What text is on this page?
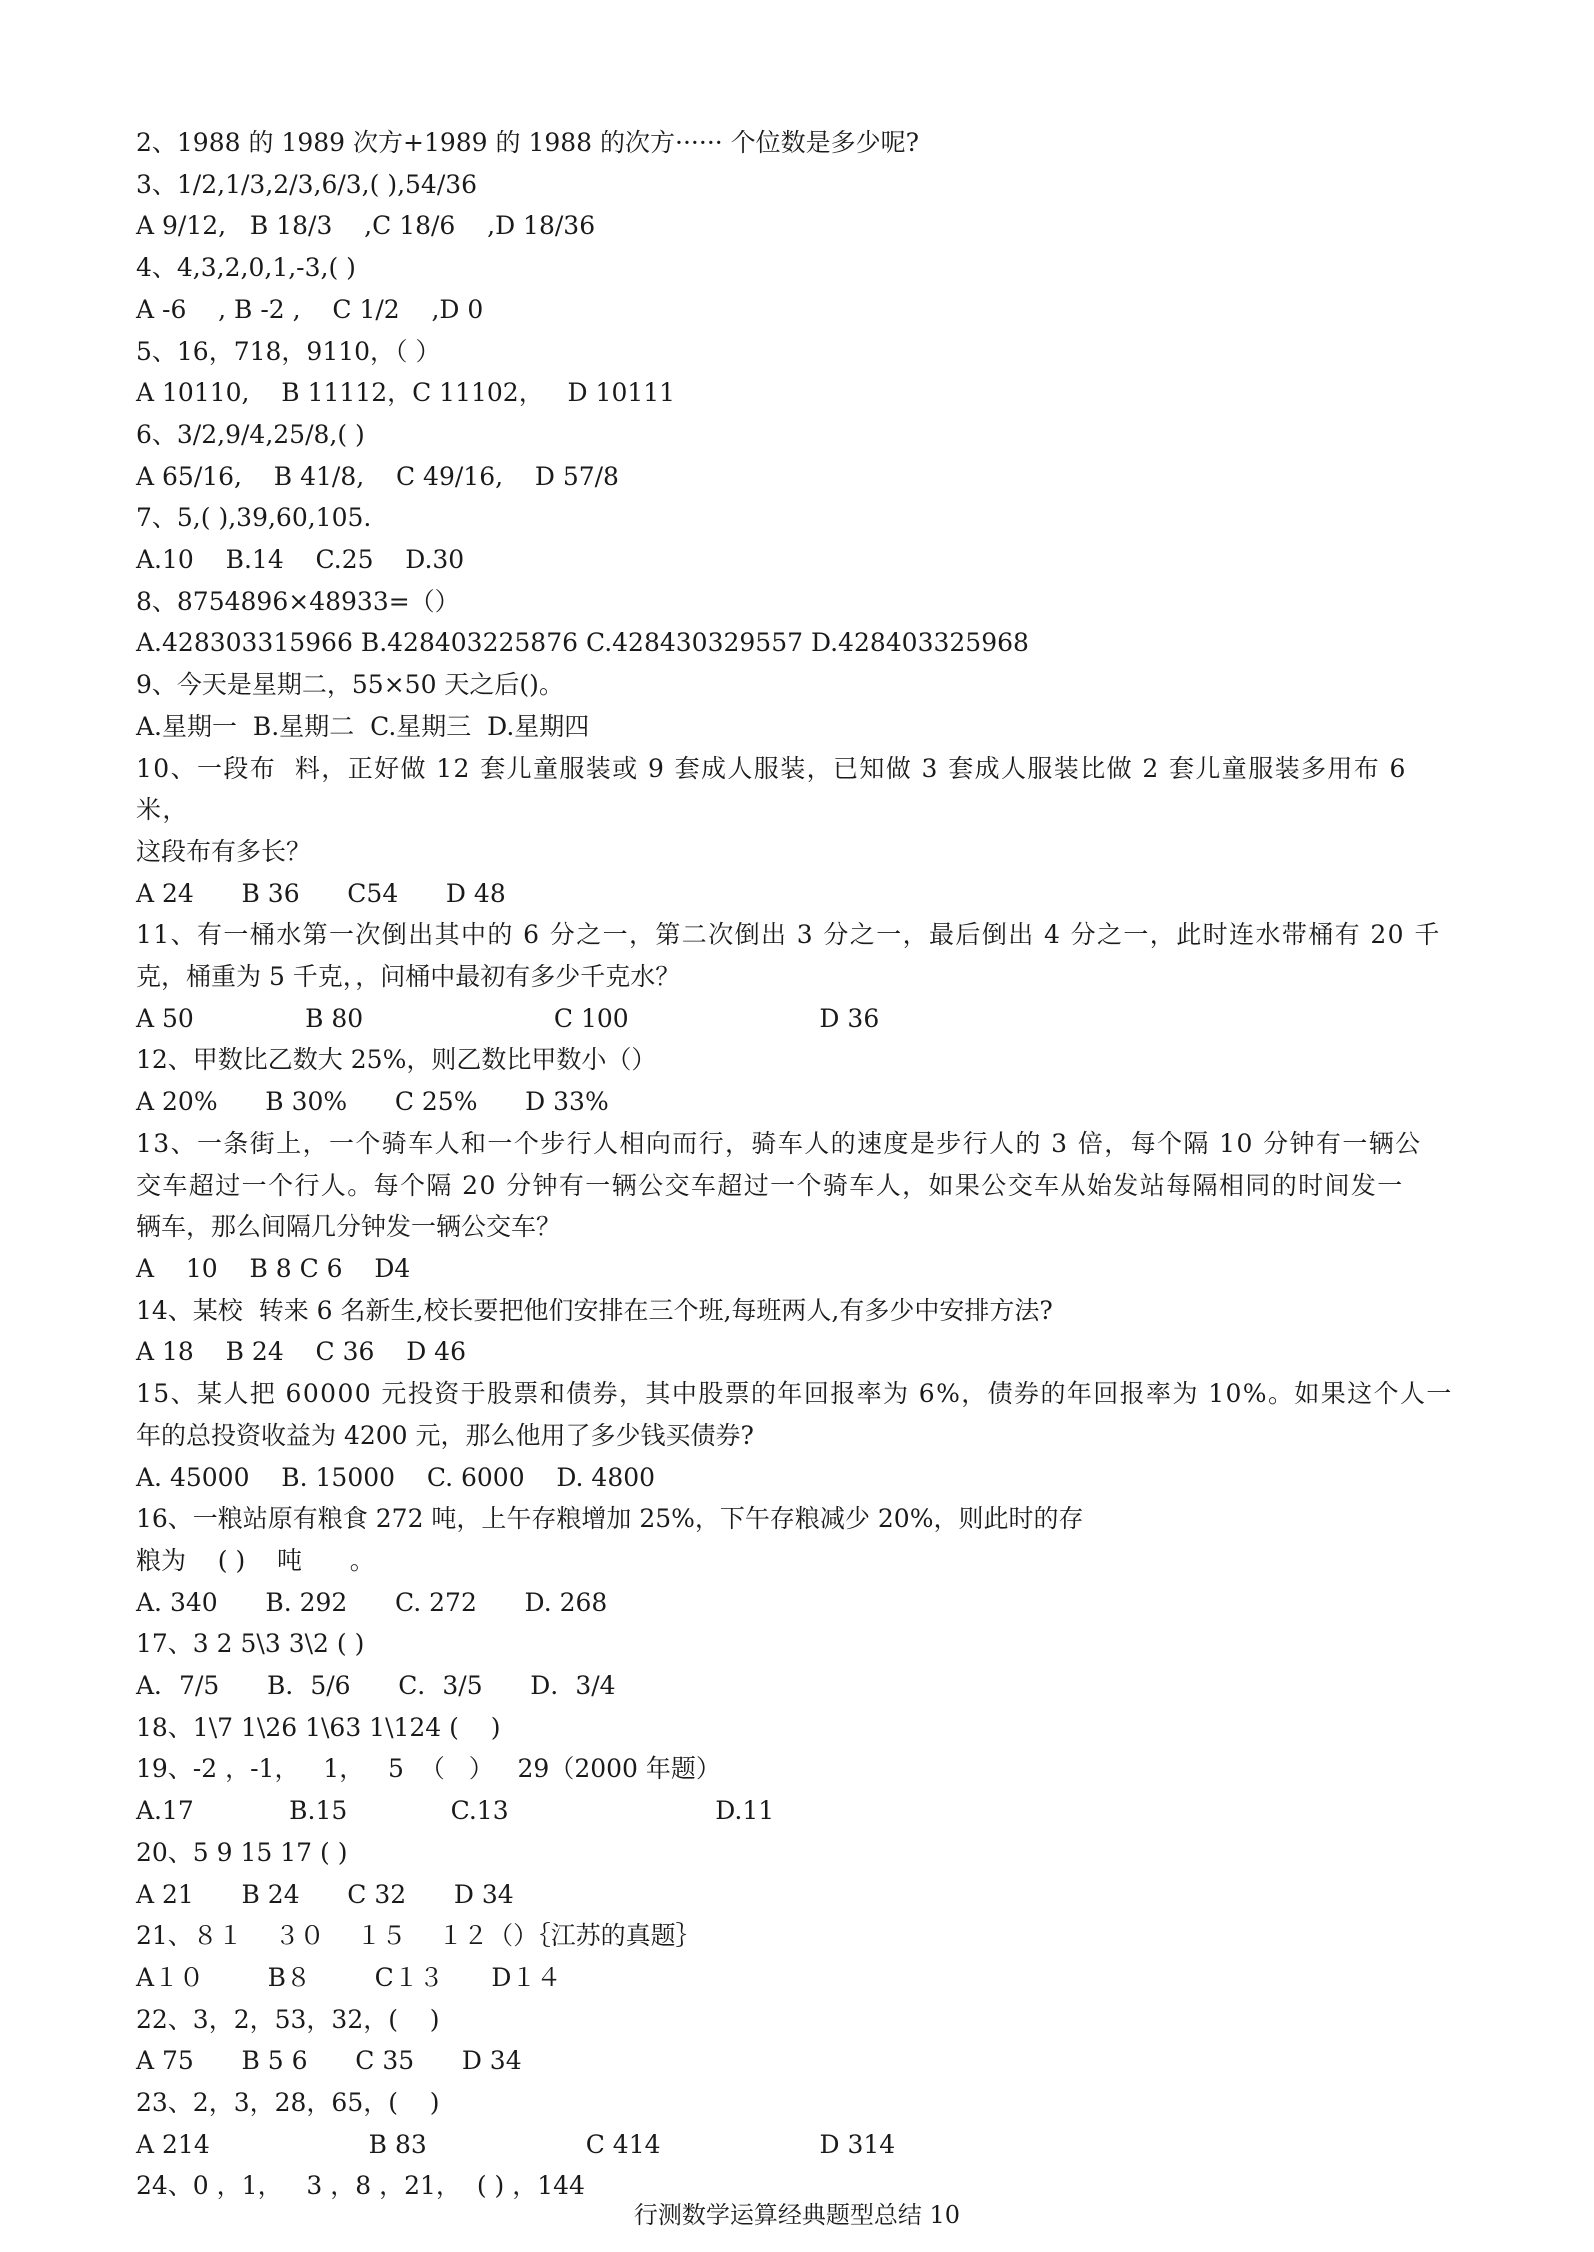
2、1988 的 1989 次方+1989 的 1988 的次方······ 个位数是多少呢?
3、1/2,1/3,2/3,6/3,( ),54/36
A 9/12,   B 18/3    ,C 18/6    ,D 18/36
4、4,3,2,0,1,-3,( )
A -6    , B -2 ,    C 1/2    ,D 0
5、16，718，9110，（ ）
A 10110,    B 11112，C 11102，   D 10111
6、3/2,9/4,25/8,( )
A 65/16,    B 41/8,    C 49/16,    D 57/8
7、5,( ),39,60,105.
A.10    B.14    C.25    D.30
8、8754896×48933=（）
A.428303315966 B.428403225876 C.428430329557 D.428403325968
9、今天是星期二，55×50 天之后()。
A.星期一  B.星期二  C.星期三  D.星期四
10、一段布  料，正好做 12 套儿童服装或 9 套成人服装，已知做 3 套成人服装比做 2 套儿童服装多用布 6 米，
这段布有多长？
A 24      B 36      C54      D 48
11、有一桶水第一次倒出其中的 6 分之一，第二次倒出 3 分之一，最后倒出 4 分之一，此时连水带桶有 20 千
克，桶重为 5 千克，，问桶中最初有多少千克水？
A 50              B 80                        C 100                        D 36
12、甲数比乙数大 25%，则乙数比甲数小（）
A 20%      B 30%      C 25%      D 33%
13、一条街上，一个骑车人和一个步行人相向而行，骑车人的速度是步行人的 3 倍，每个隔 10 分钟有一辆公
交车超过一个行人。每个隔 20 分钟有一辆公交车超过一个骑车人，如果公交车从始发站每隔相同的时间发一
辆车，那么间隔几分钟发一辆公交车？
A    10    B 8 C 6    D4
14、某校  转来 6 名新生,校长要把他们安排在三个班,每班两人,有多少中安排方法?
A 18    B 24    C 36    D 46
15、某人把 60000 元投资于股票和债券，其中股票的年回报率为 6%，债券的年回报率为 10%。如果这个人一
年的总投资收益为 4200 元，那么他用了多少钱买债券?
A. 45000    B. 15000    C. 6000    D. 4800
16、一粮站原有粮食 272 吨，上午存粮增加 25%，下午存粮减少 20%，则此时的存
粮为    ( )    吨      。
A. 340      B. 292      C. 272      D. 268
17、3 2 5\3 3\2 ( )
A．7/5      B．5/6      C．3/5      D．3/4
18、1\7 1\26 1\63 1\124 (    )
19、-2 ，-1，   1，   5  （   ）   29（2000 年题）
A.17            B.15             C.13                          D.11
20、5 9 15 17 ( )
A 21      B 24      C 32      D 34
21、８１    ３０    １５    １２（）｛江苏的真题｝
A１０        B８        C１３      D１４
22、3，2，53，32，(    )
A 75      B 5 6      C 35      D 34
23、2，3，28，65，(    )
A 214                    B 83                    C 414                    D 314
24、0 ，1，   3 ，8 ，21，  ( ) ，144
行测数学运算经典题型总结 10
